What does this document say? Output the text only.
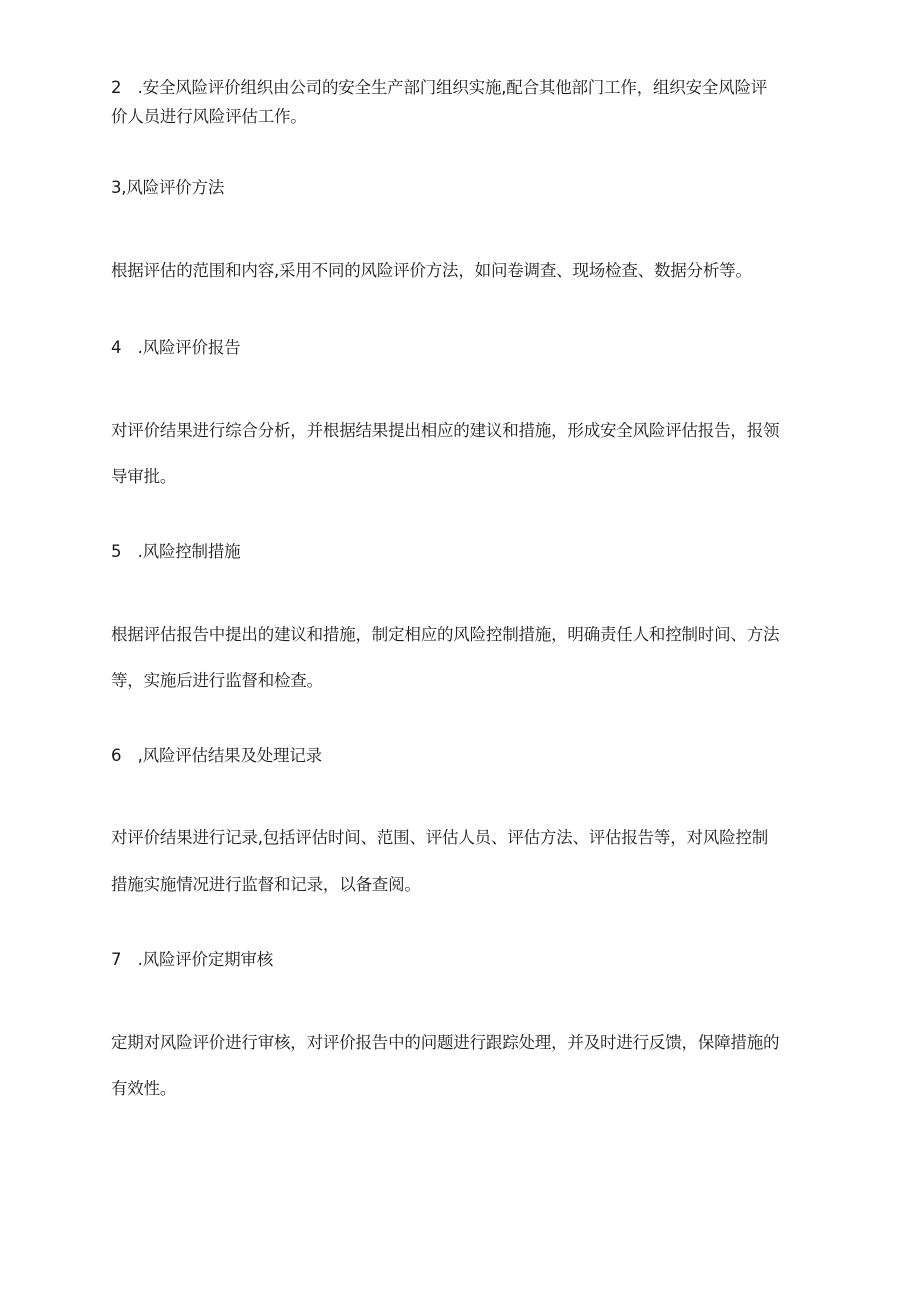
2　.安全风险评价组织由公司的安全生产部门组织实施,配合其他部门工作，组织安全风险评
价人员进行风险评估工作。
3,风险评价方法
根据评估的范围和内容,采用不同的风险评价方法，如问卷调查、现场检查、数据分析等。
4　.风险评价报告
对评价结果进行综合分析，并根据结果提出相应的建议和措施，形成安全风险评估报告，报领
导审批。
5　.风险控制措施
根据评估报告中提出的建议和措施，制定相应的风险控制措施，明确责任人和控制时间、方法
等，实施后进行监督和检查。
6　,风险评估结果及处理记录
对评价结果进行记录,包括评估时间、范围、评估人员、评估方法、评估报告等，对风险控制
措施实施情况进行监督和记录，以备查阅。
7　.风险评价定期审核
定期对风险评价进行审核，对评价报告中的问题进行跟踪处理，并及时进行反馈，保障措施的
有效性。
